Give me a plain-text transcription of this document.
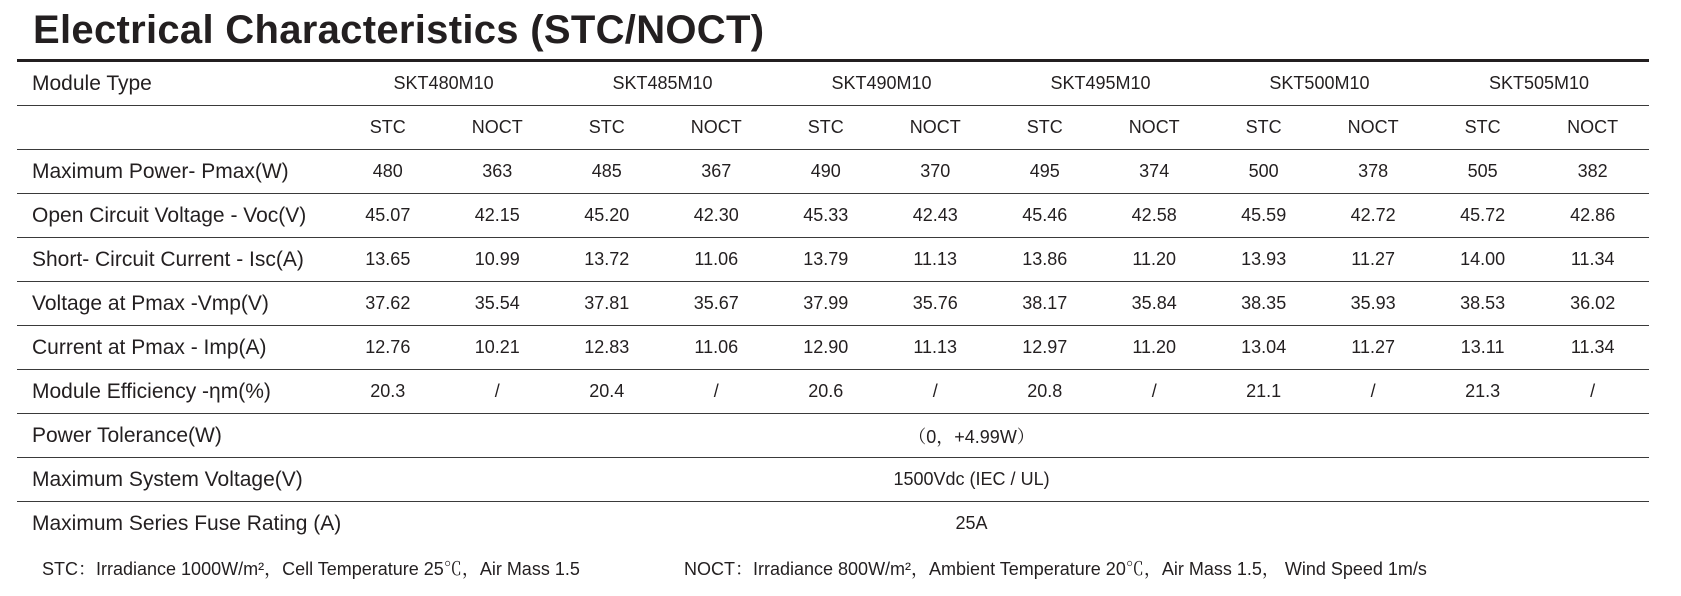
Electrical Characteristics (STC/NOCT)
Module Type	SKT480M10		SKT485M10		SKT490M10		SKT495M10		SKT500M10		SKT505M10	
	STC	NOCT	STC	NOCT	STC	NOCT	STC	NOCT	STC	NOCT	STC	NOCT
Maximum Power- Pmax(W)	480	363	485	367	490	370	495	374	500	378	505	382
Open Circuit Voltage - Voc(V)	45.07	42.15	45.20	42.30	45.33	42.43	45.46	42.58	45.59	42.72	45.72	42.86
Short- Circuit Current - Isc(A)	13.65	10.99	13.72	11.06	13.79	11.13	13.86	11.20	13.93	11.27	14.00	11.34
Voltage at Pmax -Vmp(V)	37.62	35.54	37.81	35.67	37.99	35.76	38.17	35.84	38.35	35.93	38.53	36.02
Current at Pmax - Imp(A)	12.76	10.21	12.83	11.06	12.90	11.13	12.97	11.20	13.04	11.27	13.11	11.34
Module Efficiency -ηm(%)	20.3	/	20.4	/	20.6	/	20.8	/	21.1	/	21.3	/
Power Tolerance(W)	（0，+4.99W）											
Maximum System Voltage(V)	1500Vdc (IEC / UL)											
Maximum Series Fuse Rating (A)	25A											
STC：Irradiance 1000W/m²，Cell Temperature 25℃，Air Mass 1.5	NOCT：Irradiance 800W/m²，Ambient Temperature 20℃，Air Mass 1.5， Wind Speed 1m/s
